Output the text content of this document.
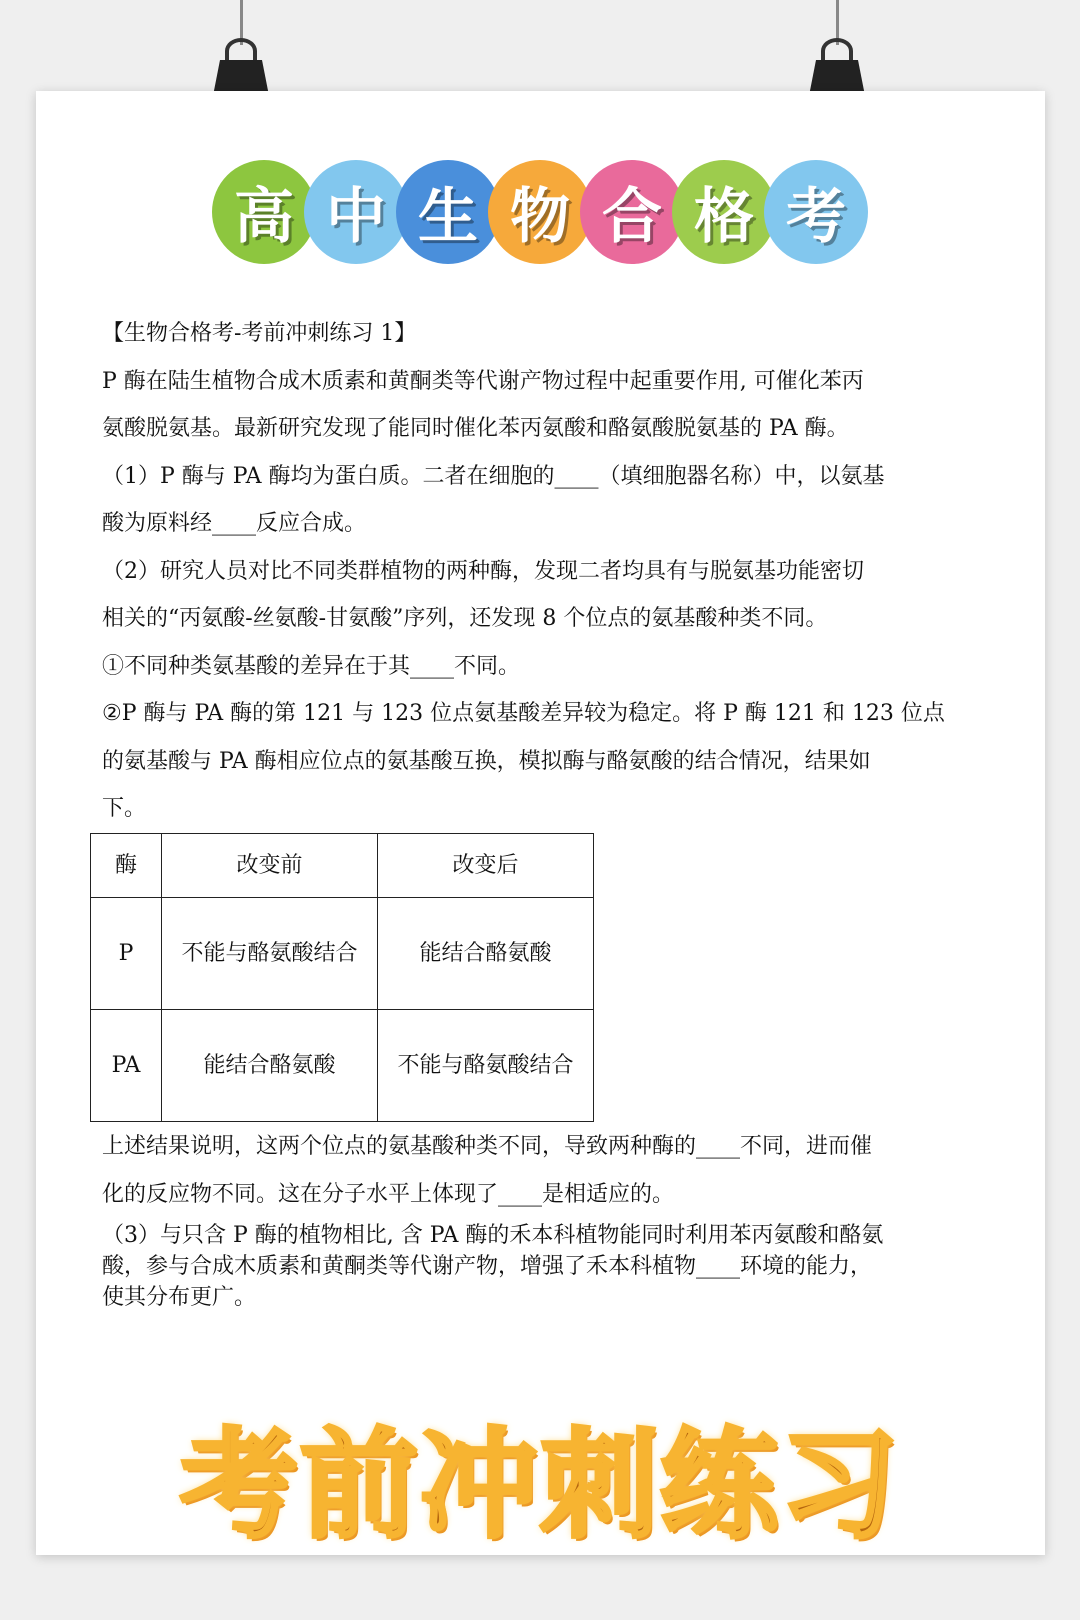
高 中 生 物 合 格 考

【生物合格考-考前冲刺练习 1】

P 酶在陆生植物合成木质素和黄酮类等代谢产物过程中起重要作用, 可催化苯丙

氨酸脱氨基。最新研究发现了能同时催化苯丙氨酸和酪氨酸脱氨基的 PA 酶。

（1）P 酶与 PA 酶均为蛋白质。二者在细胞的____（填细胞器名称）中，以氨基

酸为原料经____反应合成。

（2）研究人员对比不同类群植物的两种酶，发现二者均具有与脱氨基功能密切

相关的“丙氨酸-丝氨酸-甘氨酸”序列，还发现 8 个位点的氨基酸种类不同。

①不同种类氨基酸的差异在于其____不同。

②P 酶与 PA 酶的第 121 与 123 位点氨基酸差异较为稳定。将 P 酶 121 和 123 位点

的氨基酸与 PA 酶相应位点的氨基酸互换，模拟酶与酪氨酸的结合情况，结果如

下。

酶	改变前	改变后
P	不能与酪氨酸结合	能结合酪氨酸
PA	能结合酪氨酸	不能与酪氨酸结合

上述结果说明，这两个位点的氨基酸种类不同，导致两种酶的____不同，进而催

化的反应物不同。这在分子水平上体现了____是相适应的。

（3）与只含 P 酶的植物相比, 含 PA 酶的禾本科植物能同时利用苯丙氨酸和酪氨

酸，参与合成木质素和黄酮类等代谢产物，增强了禾本科植物____环境的能力，

使其分布更广。

考前冲刺练习
